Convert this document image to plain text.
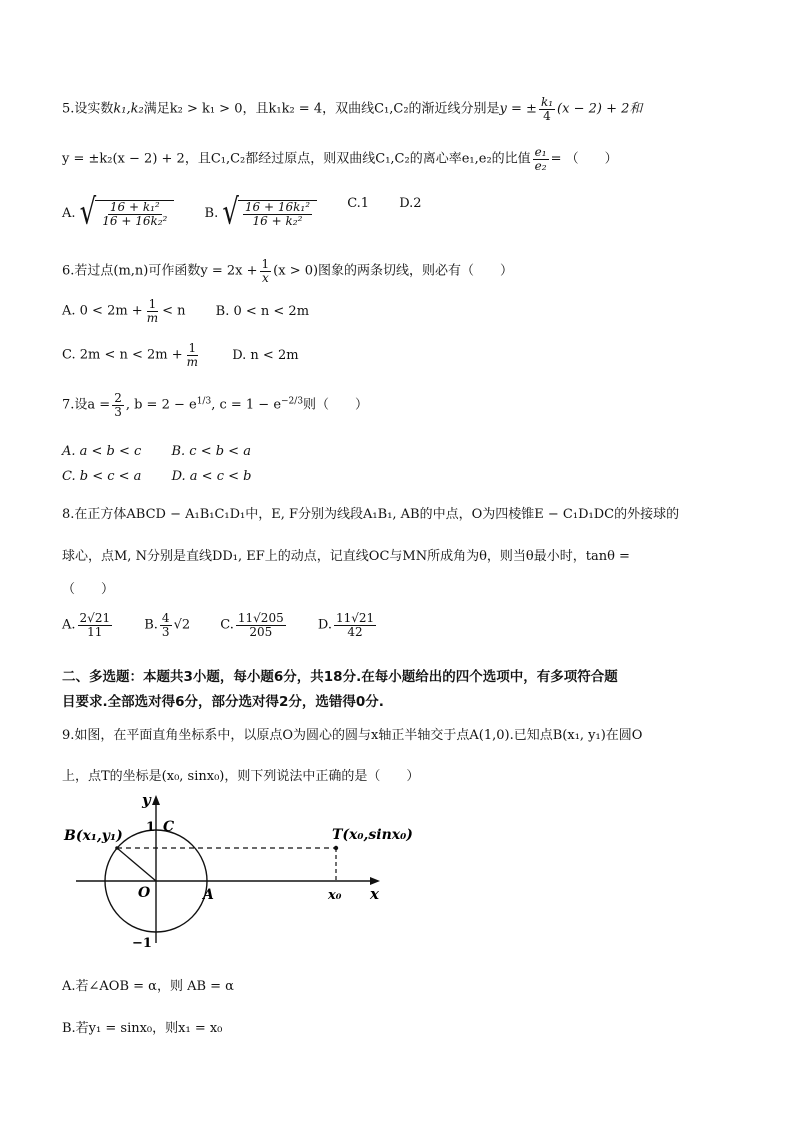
5.设实数k₁,k₂满足k₂ > k₁ > 0，且k₁k₂ = 4，双曲线C₁,C₂的渐近线分别是y = ± $\frac{\text{k₁}}{4} (x - 2) + 2$和
y = ±k₂(x − 2) + 2，且C₁,C₂都经过原点，则双曲线C₁,C₂的离心率e₁,e₂的比值 $\frac{\text{e₁}}{\text{e₂}}$ = （　　）
A. √ $\frac{\text{16 + k₁²}}{\text{16 + 16k₂²}}$	B. √ $\frac{\text{16 + 16k₁²}}{\text{16 + k₂²}}$	C.1 D.2
6.若过点(m,n)可作函数$y = 2x + \frac{1}{x} (x > 0)$图象的两条切线，则必有（　　）
A. $0 < 2m + \frac{1}{m} < n$ B. 0 < n < 2m
C. $2m < n < 2m + \frac{1}{m} D$. n < 2m
7.设$a = \frac{2}{3}$ , $b = 2 - e^{1/3}$, $c = 1 - e^{-2/3}$则（　　）
A. a < b < c B. c < b < a
C. b < c < a D. a < c < b
8.在正方体ABCD − A₁B₁C₁D₁中，E, F分别为线段A₁B₁, AB的中点，O为四棱锥E − C₁D₁DC的外接球的
球心，点M, N分别是直线DD₁, EF上的动点，记直线OC与MN所成角为θ，则当θ最小时，tanθ =
（　　）
A. $\frac{2√21}{11} B$. $\frac{4}{3} √2$ C. $\frac{11√205}{205} D$. $\frac{11√21}{42}$
二、多选题：本题共3小题，每小题6分，共18分.在每小题给出的四个选项中，有多项符合题
目要求.全部选对得6分，部分选对得2分，选错得0分.
9.如图，在平面直角坐标系中，以原点O为圆心的圆与x轴正半轴交于点A(1,0).已知点B(x₁, y₁)在圆O
上，点T的坐标是(x₀, sinx₀)，则下列说法中正确的是（　　）
y
x
O	A
C
1
−1
B(x₁,y₁)	T(x₀,sinx₀)
x₀
A.若∠AOB = α，则 AB = α
B.若y₁ = sinx₀，则x₁ = x₀
